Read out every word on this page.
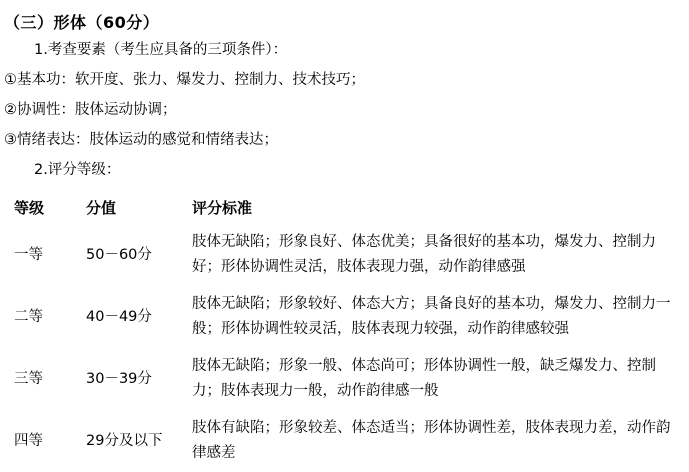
（三）形体（60分）
1.考查要素（考生应具备的三项条件）：
①基本功：软开度、张力、爆发力、控制力、技术技巧；
②协调性：肢体运动协调；
③情绪表达：肢体运动的感觉和情绪表达；
2.评分等级：
等级	分值	评分标准
一等	50－60分	肢体无缺陷；形象良好、体态优美；具备很好的基本功，爆发力、控制力好；形体协调性灵活，肢体表现力强，动作韵律感强
二等	40－49分	肢体无缺陷；形象较好、体态大方；具备良好的基本功，爆发力、控制力一般；形体协调性较灵活，肢体表现力较强，动作韵律感较强
三等	30－39分	肢体无缺陷；形象一般、体态尚可；形体协调性一般，缺乏爆发力、控制力；肢体表现力一般，动作韵律感一般
四等	29分及以下	肢体有缺陷；形象较差、体态适当；形体协调性差，肢体表现力差，动作韵律感差
